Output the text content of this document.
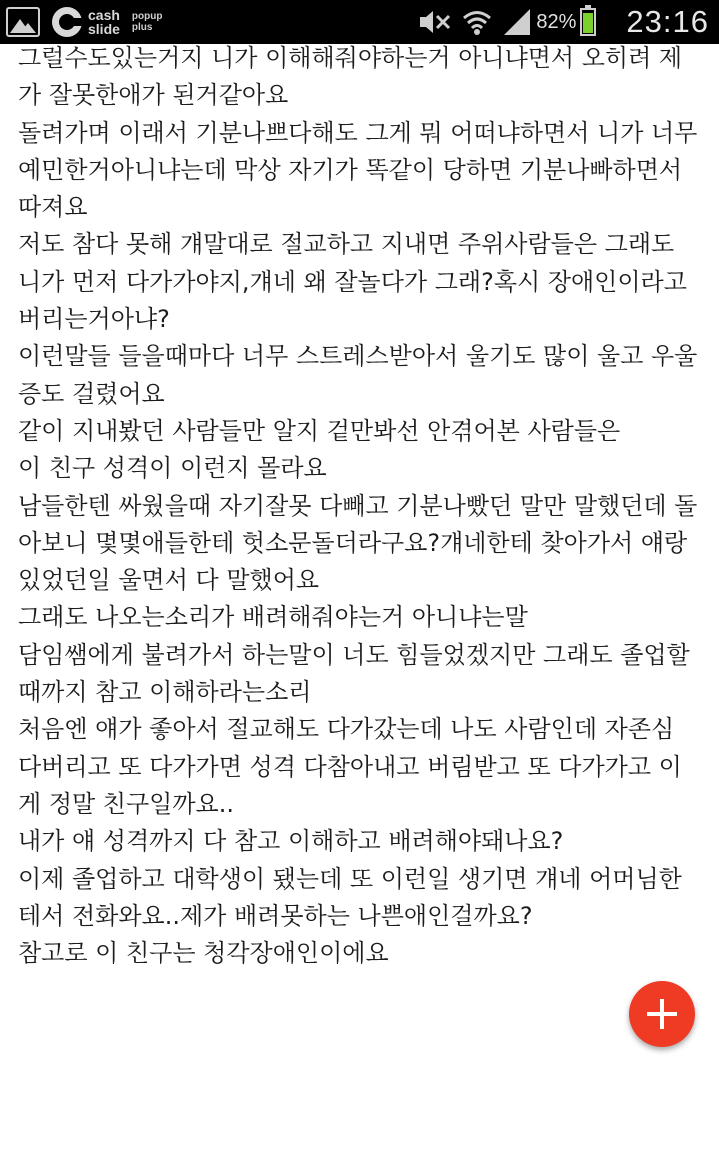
cash
slide
popup
plus	82% 23:16
그럴수도있는거지 니가 이해해줘야하는거 아니냐면서 오히려 제
가 잘못한애가 된거같아요
돌려가며 이래서 기분나쁘다해도 그게 뭐 어떠냐하면서 니가 너무
예민한거아니냐는데 막상 자기가 똑같이 당하면 기분나빠하면서
따져요
저도 참다 못해 걔말대로 절교하고 지내면 주위사람들은 그래도
니가 먼저 다가가야지,걔네 왜 잘놀다가 그래?혹시 장애인이라고
버리는거아냐?
이런말들 들을때마다 너무 스트레스받아서 울기도 많이 울고 우울
증도 걸렸어요
같이 지내봤던 사람들만 알지 겉만봐선 안겪어본 사람들은
이 친구 성격이 이런지 몰라요
남들한텐 싸웠을때 자기잘못 다빼고 기분나빴던 말만 말했던데 돌
아보니 몇몇애들한테 헛소문돌더라구요?걔네한테 찾아가서 얘랑
있었던일 울면서 다 말했어요
그래도 나오는소리가 배려해줘야는거 아니냐는말
담임쌤에게 불려가서 하는말이 너도 힘들었겠지만 그래도 졸업할
때까지 참고 이해하라는소리
처음엔 얘가 좋아서 절교해도 다가갔는데 나도 사람인데 자존심
다버리고 또 다가가면 성격 다참아내고 버림받고 또 다가가고 이
게 정말 친구일까요..
내가 얘 성격까지 다 참고 이해하고 배려해야돼나요?
이제 졸업하고 대학생이 됐는데 또 이런일 생기면 걔네 어머님한
테서 전화와요..제가 배려못하는 나쁜애인걸까요?
참고로 이 친구는 청각장애인이에요
